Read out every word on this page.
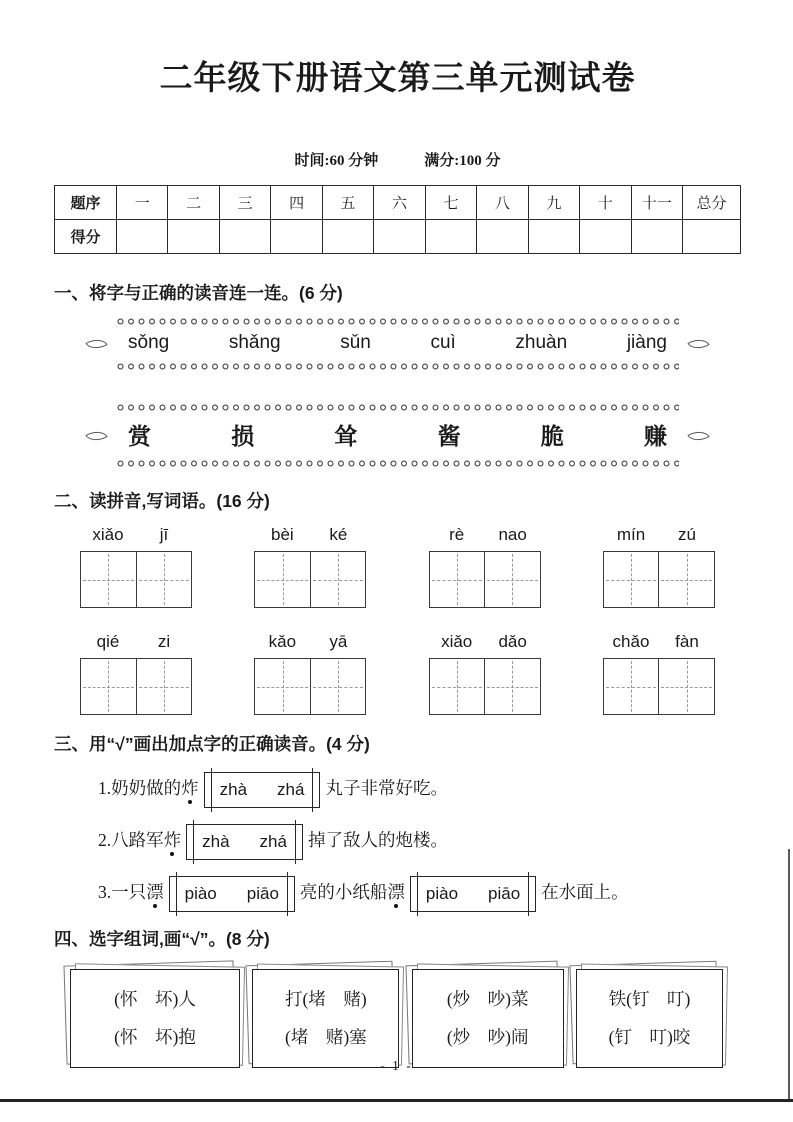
二年级下册语文第三单元测试卷
时间:60 分钟	满分:100 分
题序	一	二	三	四	五	六	七	八	九	十	十一	总分
得分												
一、将字与正确的读音连一连。(6 分)
sǒng	shǎng	sǔn	cuì	zhuàn	jiàng
赏	损	耸	酱	脆	赚
二、读拼音,写词语。(16 分)
xiǎo	jī	bèi	ké	rè	nao	mín	zú
qié	zi	kǎo	yā	xiǎo	dǎo	chǎo	fàn
三、用“√”画出加点字的正确读音。(4 分)
1.奶奶做的炸 zhà zhá 丸子非常好吃。
2.八路军炸 zhà zhá 掉了敌人的炮楼。
3.一只漂 piào piāo 亮的小纸船漂 piào piāo 在水面上。
四、选字组词,画“√”。(8 分)
(怀　坏)人
(怀　坏)抱
打(堵　赌)
(堵　赌)塞
(炒　吵)菜
(炒　吵)闹
铁(钉　叮)
(钉　叮)咬
- 1 -
